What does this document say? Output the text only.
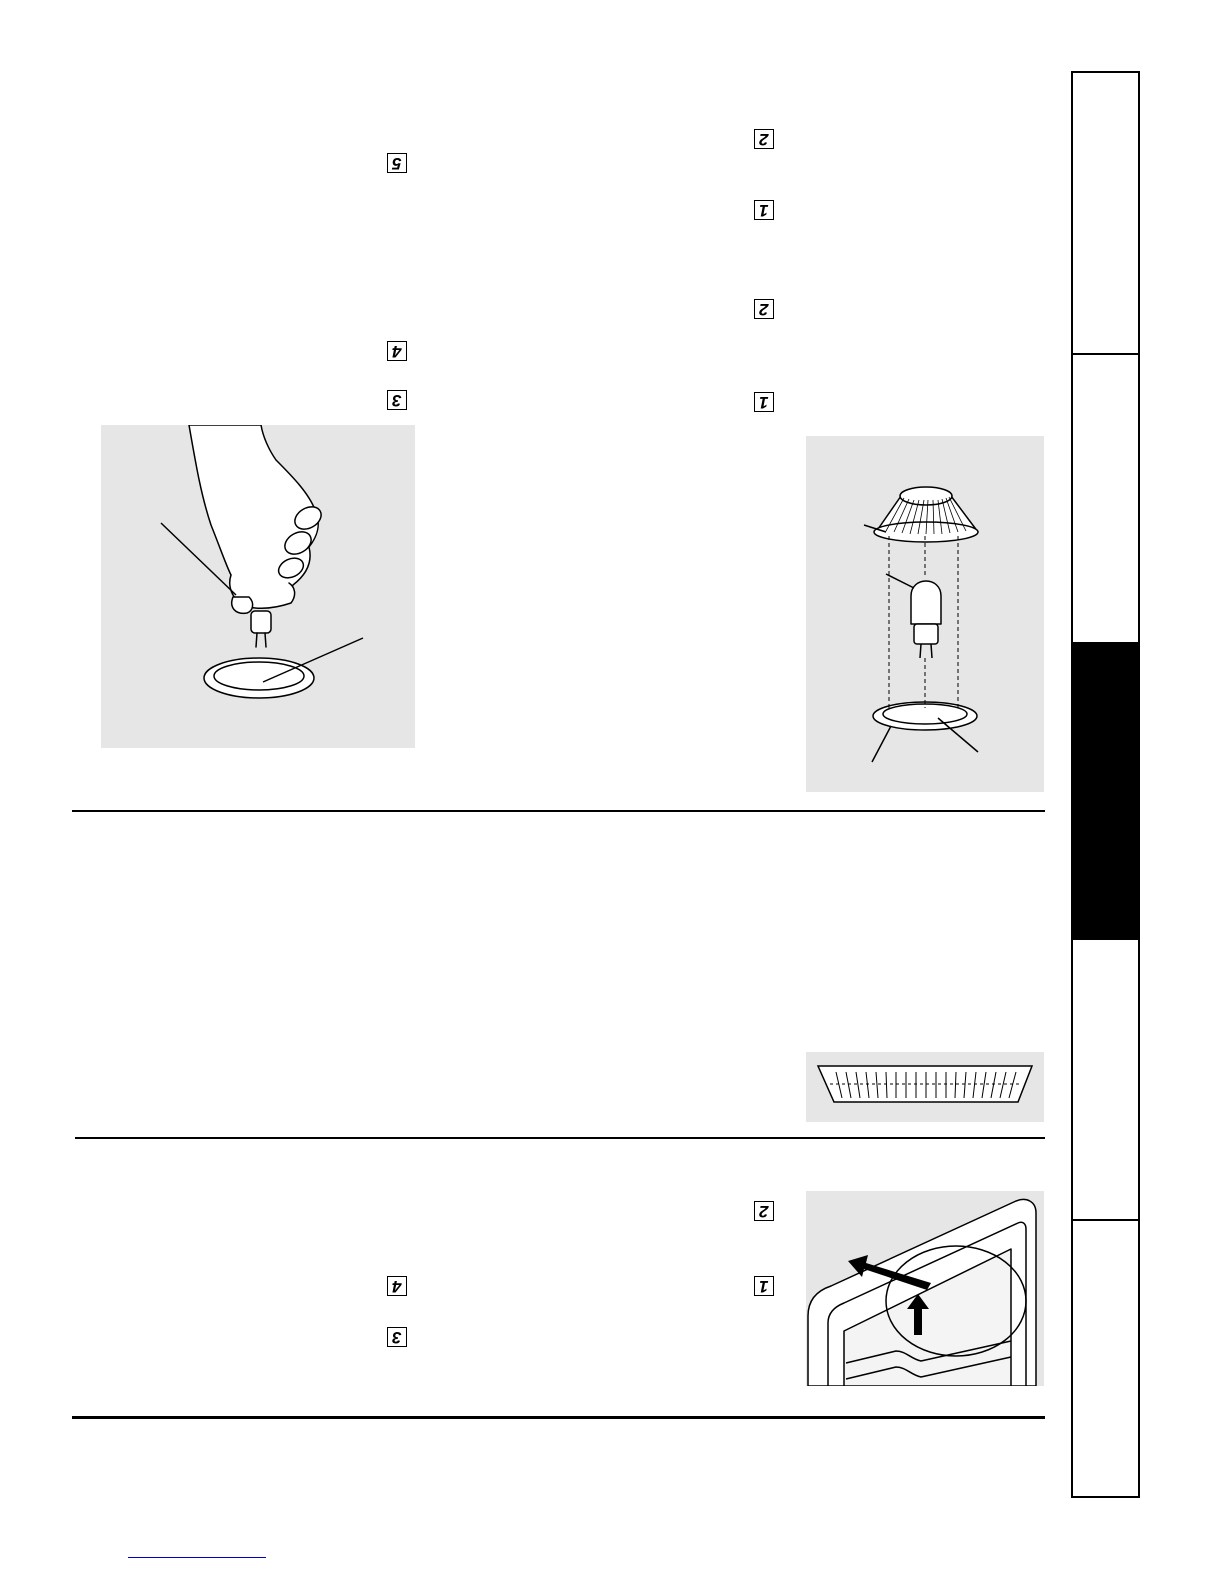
2
1
2
1
5
4
3
2
1
4
3
